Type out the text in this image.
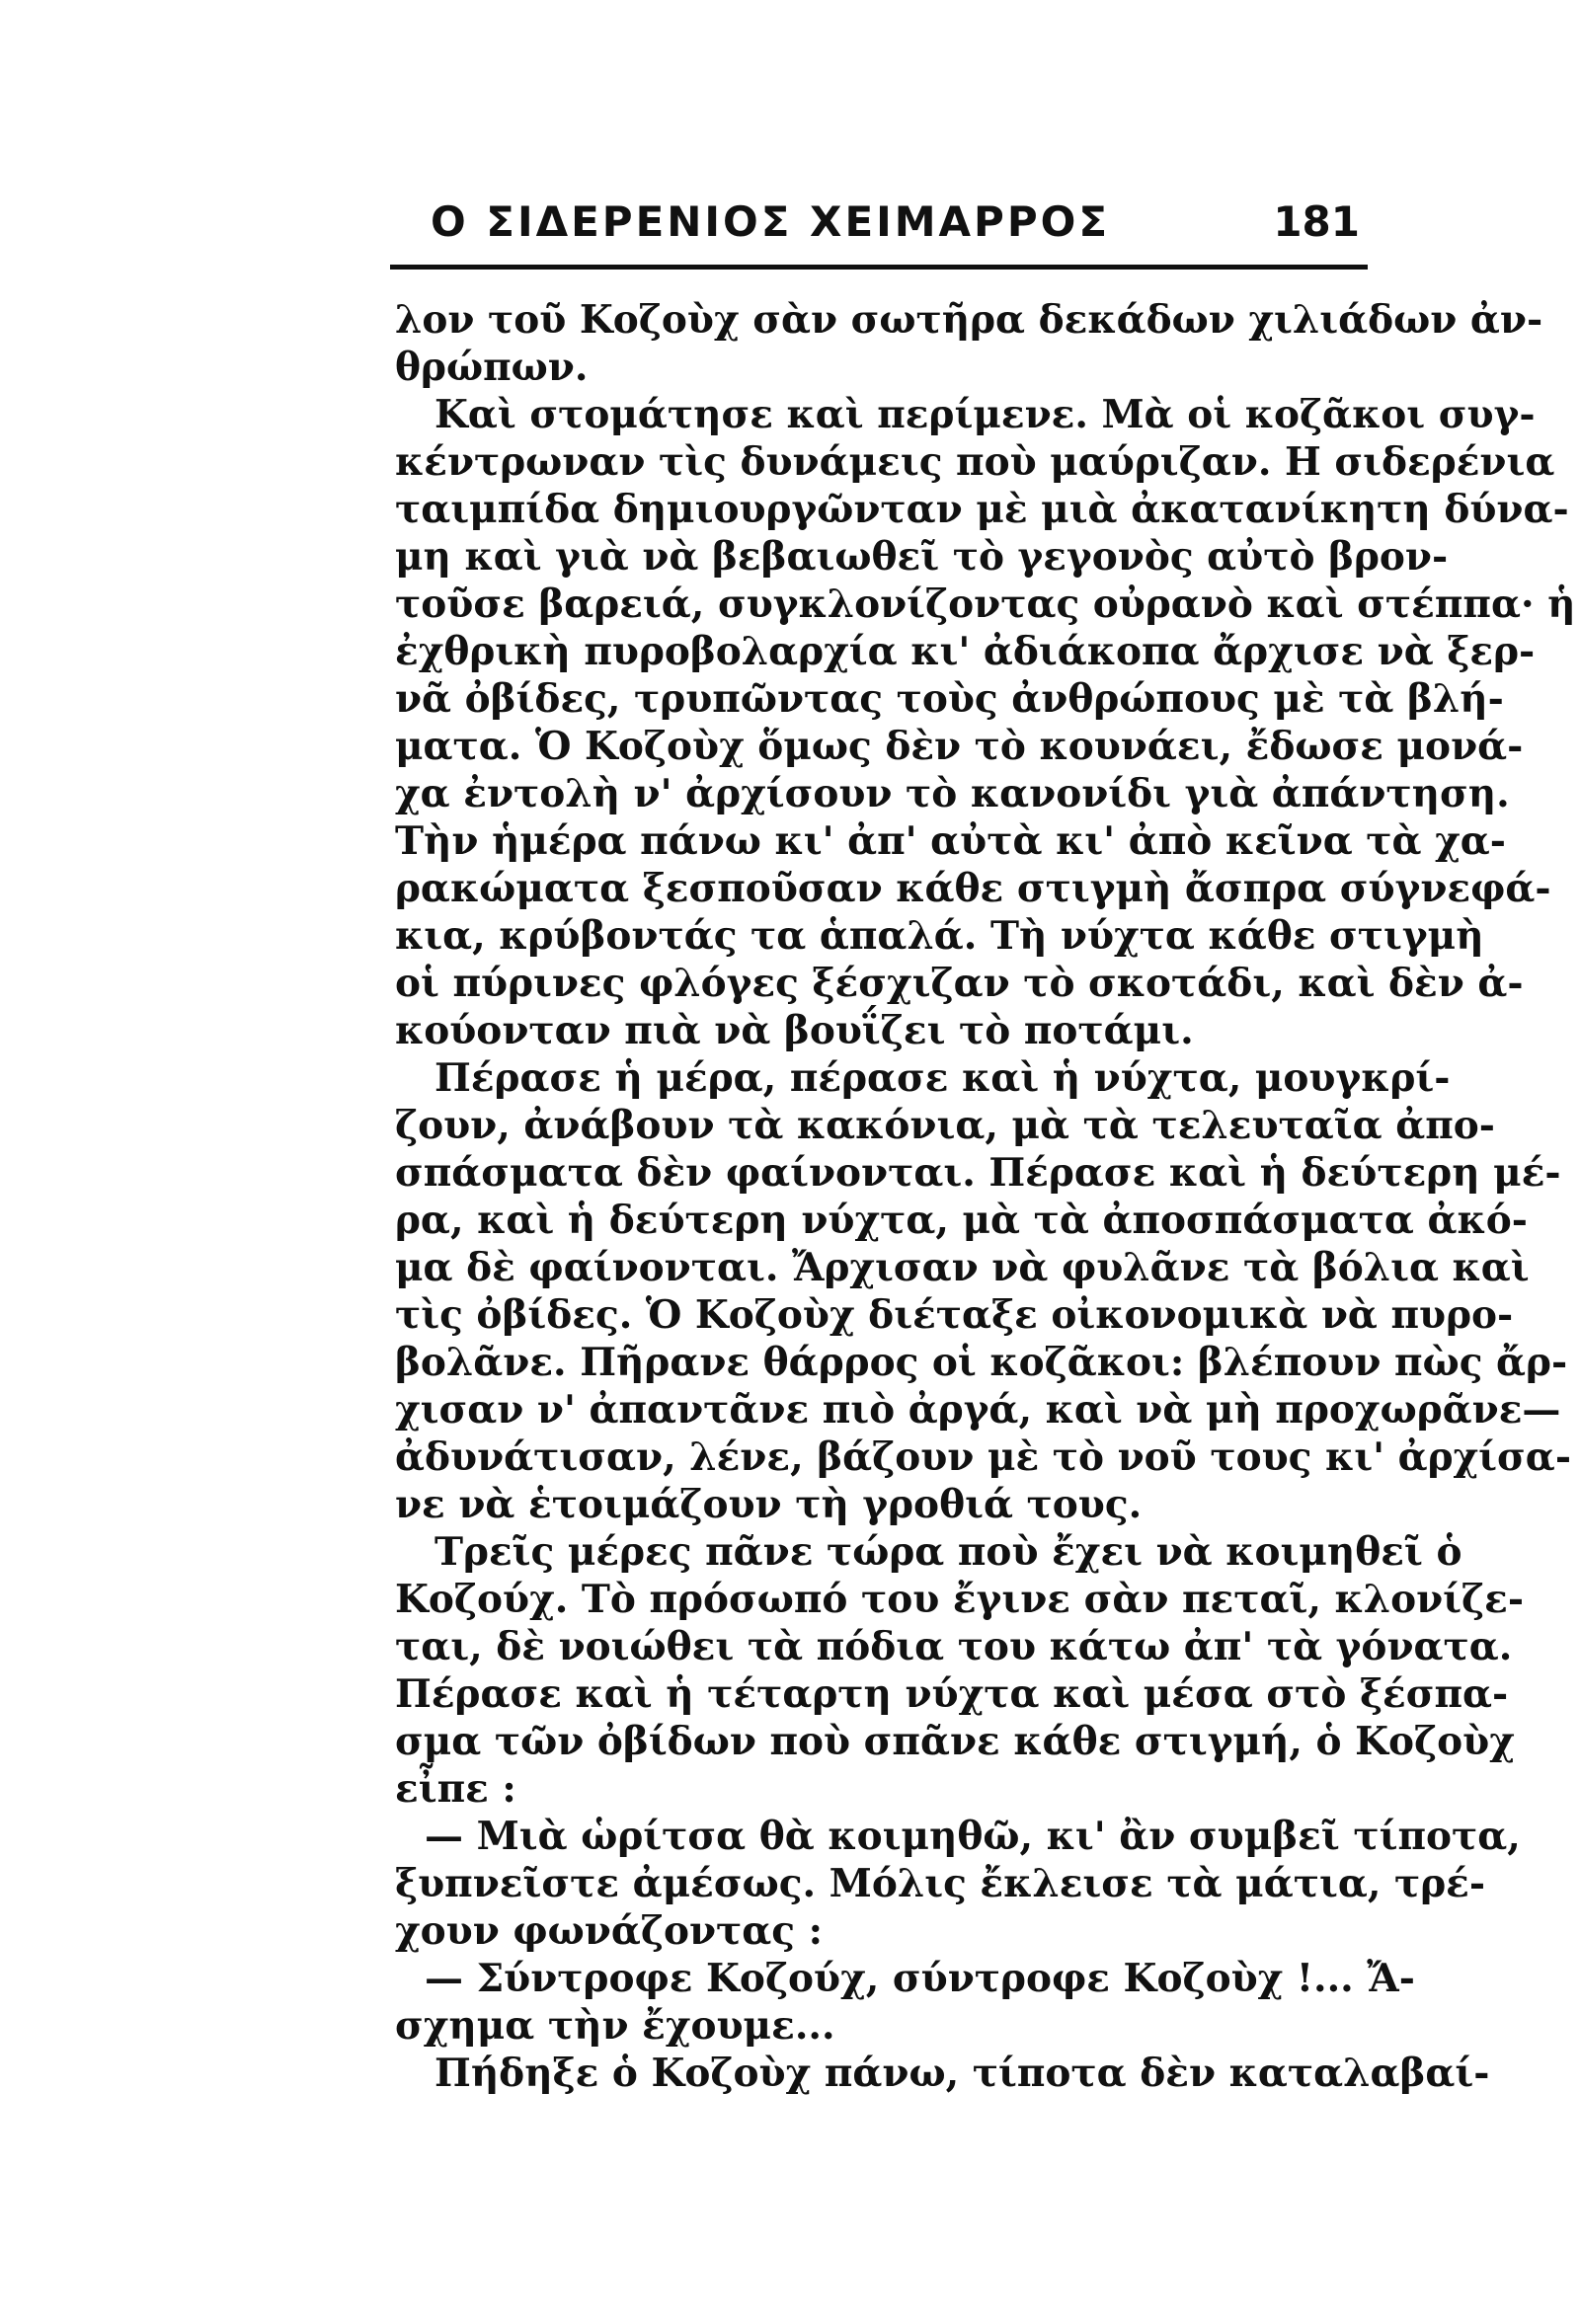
Ο ΣΙΔΕΡΕΝΙΟΣ ΧΕΙΜΑΡΡΟΣ	181
λον τοῦ Κοζοὺχ σὰν σωτῆρα δεκάδων χιλιάδων ἀν-
θρώπων.
Καὶ στομάτησε καὶ περίμενε. Μὰ οἱ κοζᾶκοι συγ-
κέντρωναν τὶς δυνάμεις ποὺ μαύριζαν. Η σιδερένια
ταιμπίδα δημιουργῶνταν μὲ μιὰ ἀκατανίκητη δύνα-
μη καὶ γιὰ νὰ βεβαιωθεῖ τὸ γεγονὸς αὐτὸ βρον-
τοῦσε βαρειά, συγκλονίζοντας οὐρανὸ καὶ στέππα· ἡ
ἐχθρικὴ πυροβολαρχία κι' ἀδιάκοπα ἄρχισε νὰ ξερ-
νᾶ ὀβίδες, τρυπῶντας τοὺς ἀνθρώπους μὲ τὰ βλή-
ματα. Ὁ Κοζοὺχ ὅμως δὲν τὸ κουνάει, ἔδωσε μονά-
χα ἐντολὴ ν' ἀρχίσουν τὸ κανονίδι γιὰ ἀπάντηση.
Τὴν ἡμέρα πάνω κι' ἀπ' αὐτὰ κι' ἀπὸ κεῖνα τὰ χα-
ρακώματα ξεσποῦσαν κάθε στιγμὴ ἄσπρα σύγνεφά-
κια, κρύβοντάς τα ἁπαλά. Τὴ νύχτα κάθε στιγμὴ
οἱ πύρινες φλόγες ξέσχιζαν τὸ σκοτάδι, καὶ δὲν ἀ-
κούονταν πιὰ νὰ βουΐζει τὸ ποτάμι.
Πέρασε ἡ μέρα, πέρασε καὶ ἡ νύχτα, μουγκρί-
ζουν, ἀνάβουν τὰ κακόνια, μὰ τὰ τελευταῖα ἀπο-
σπάσματα δὲν φαίνονται. Πέρασε καὶ ἡ δεύτερη μέ-
ρα, καὶ ἡ δεύτερη νύχτα, μὰ τὰ ἀποσπάσματα ἀκό-
μα δὲ φαίνονται. Ἄρχισαν νὰ φυλᾶνε τὰ βόλια καὶ
τὶς ὀβίδες. Ὁ Κοζοὺχ διέταξε οἰκονομικὰ νὰ πυρο-
βολᾶνε. Πῆρανε θάρρος οἱ κοζᾶκοι: βλέπουν πὼς ἄρ-
χισαν ν' ἀπαντᾶνε πιὸ ἀργά, καὶ νὰ μὴ προχωρᾶνε—
ἀδυνάτισαν, λένε, βάζουν μὲ τὸ νοῦ τους κι' ἀρχίσα-
νε νὰ ἑτοιμάζουν τὴ γροθιά τους.
Τρεῖς μέρες πᾶνε τώρα ποὺ ἔχει νὰ κοιμηθεῖ ὁ
Κοζούχ. Τὸ πρόσωπό του ἔγινε σὰν πεταῖ, κλονίζε-
ται, δὲ νοιώθει τὰ πόδια του κάτω ἀπ' τὰ γόνατα.
Πέρασε καὶ ἡ τέταρτη νύχτα καὶ μέσα στὸ ξέσπα-
σμα τῶν ὀβίδων ποὺ σπᾶνε κάθε στιγμή, ὁ Κοζοὺχ
εἶπε :
— Μιὰ ὡρίτσα θὰ κοιμηθῶ, κι' ἂν συμβεῖ τίποτα,
ξυπνεῖστε ἀμέσως. Μόλις ἔκλεισε τὰ μάτια, τρέ-
χουν φωνάζοντας :
— Σύντροφε Κοζούχ, σύντροφε Κοζοὺχ !... Ἄ-
σχημα τὴν ἔχουμε...
Πήδηξε ὁ Κοζοὺχ πάνω, τίποτα δὲν καταλαβαί-
